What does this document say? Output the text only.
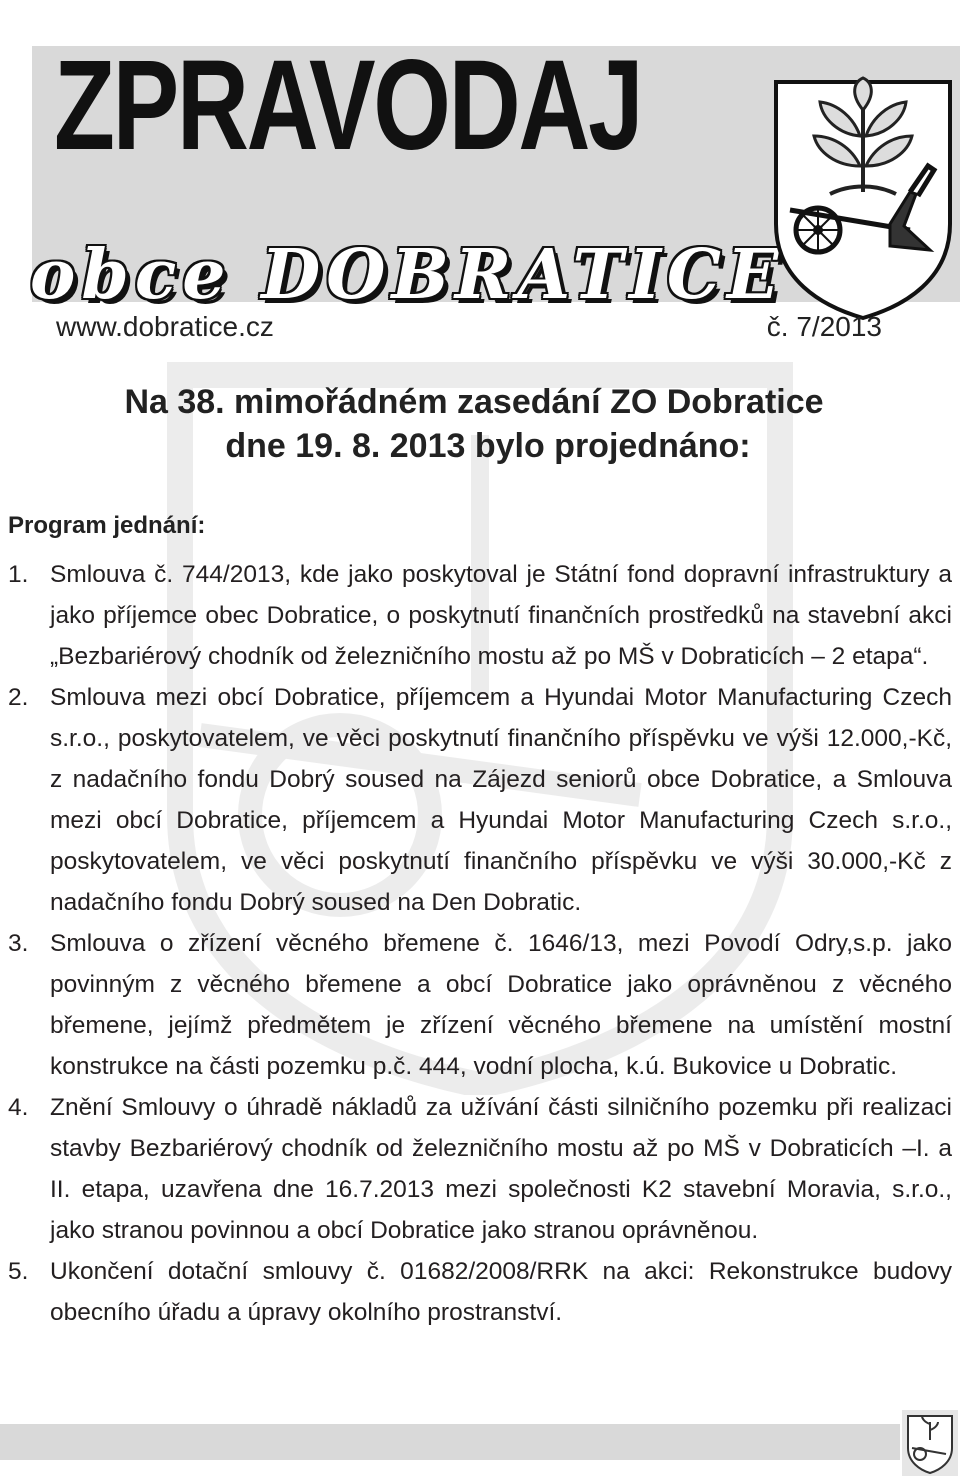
ZPRAVODAJ
obce DOBRATICE
www.dobratice.cz	č. 7/2013
Na 38. mimořádném zasedání ZO Dobratice
dne 19. 8. 2013 bylo projednáno:
Program jednání:
1. Smlouva č. 744/2013, kde jako poskytoval je Státní fond dopravní infrastruktury a jako příjemce obec Dobratice, o poskytnutí finančních prostředků na stavební akci „Bezbariérový chodník od železničního mostu až po MŠ v Dobraticích – 2 etapa“.
2. Smlouva mezi obcí Dobratice, příjemcem a Hyundai Motor Manufacturing Czech s.r.o., poskytovatelem, ve věci poskytnutí finančního příspěvku ve výši 12.000,-Kč, z nadačního fondu Dobrý soused na Zájezd seniorů obce Dobratice, a Smlouva mezi obcí Dobratice, příjemcem a Hyundai Motor Manufacturing Czech s.r.o., poskytovatelem, ve věci poskytnutí finančního příspěvku ve výši 30.000,-Kč z nadačního fondu Dobrý soused na Den Dobratic.
3. Smlouva o zřízení věcného břemene č. 1646/13, mezi Povodí Odry,s.p. jako povinným z věcného břemene a obcí Dobratice jako oprávněnou z věcného břemene, jejímž předmětem je zřízení věcného břemene na umístění mostní konstrukce na části pozemku p.č. 444, vodní plocha, k.ú. Bukovice u Dobratic.
4. Znění Smlouvy o úhradě nákladů za užívání části silničního pozemku při realizaci stavby Bezbariérový chodník od železničního mostu až po MŠ v Dobraticích –I. a II. etapa, uzavřena dne 16.7.2013 mezi společnosti K2 stavební Moravia, s.r.o., jako stranou povinnou a obcí Dobratice jako stranou oprávněnou.
5. Ukončení dotační smlouvy č. 01682/2008/RRK na akci: Rekonstrukce budovy obecního úřadu a úpravy okolního prostranství.
